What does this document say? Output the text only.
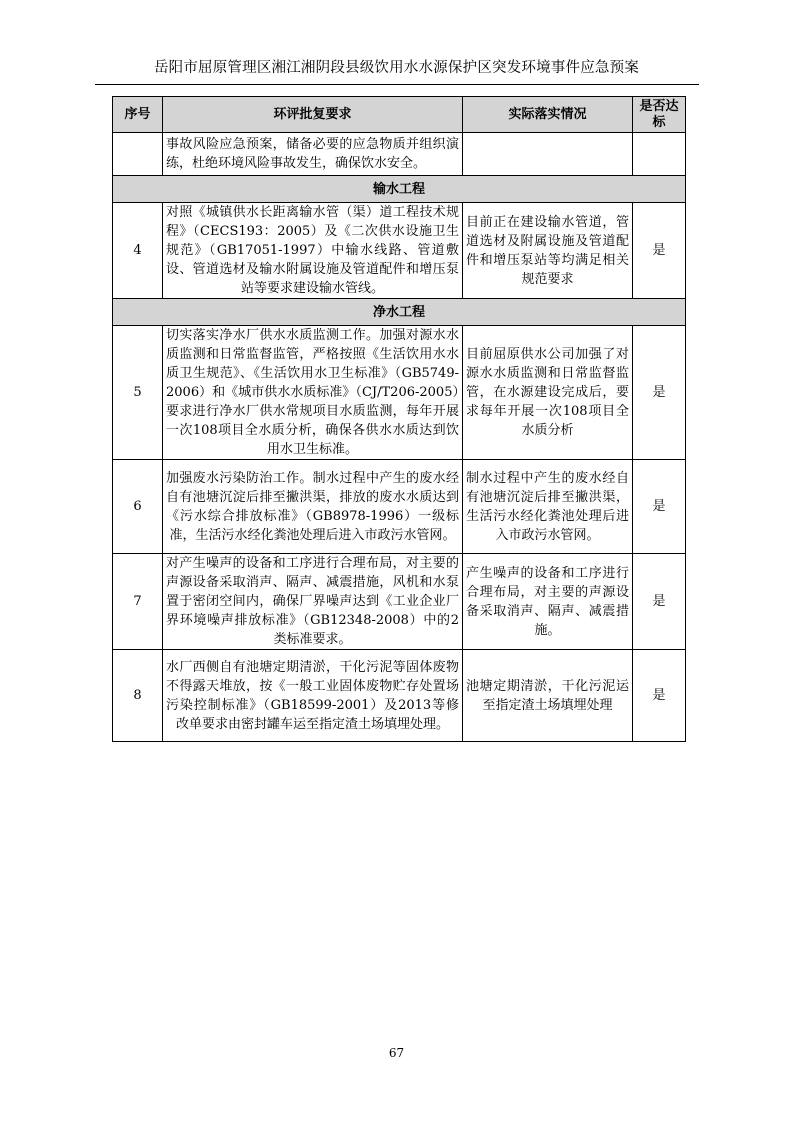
岳阳市屈原管理区湘江湘阴段县级饮用水水源保护区突发环境事件应急预案
序号	环评批复要求	实际落实情况	是否达标
	事故风险应急预案，储备必要的应急物质并组织演练，杜绝环境风险事故发生，确保饮水安全。		
输水工程			
4	对照《城镇供水长距离输水管（渠）道工程技术规程》（CECS193：2005）及《二次供水设施卫生规范》（GB17051-1997）中输水线路、管道敷设、管道选材及输水附属设施及管道配件和增压泵站等要求建设输水管线。	目前正在建设输水管道，管道选材及附属设施及管道配件和增压泵站等均满足相关规范要求	是
净水工程			
5	切实落实净水厂供水水质监测工作。加强对源水水质监测和日常监督监管，严格按照《生活饮用水水质卫生规范》、《生活饮用水卫生标准》（GB5749-2006）和《城市供水水质标准》（CJ/T206-2005）要求进行净水厂供水常规项目水质监测，每年开展一次108项目全水质分析，确保各供水水质达到饮用水卫生标准。	目前屈原供水公司加强了对源水水质监测和日常监督监管，在水源建设完成后，要求每年开展一次108项目全水质分析	是
6	加强废水污染防治工作。制水过程中产生的废水经自有池塘沉淀后排至撇洪渠，排放的废水水质达到《污水综合排放标准》（GB8978-1996）一级标准，生活污水经化粪池处理后进入市政污水管网。	制水过程中产生的废水经自有池塘沉淀后排至撇洪渠，生活污水经化粪池处理后进入市政污水管网。	是
7	对产生噪声的设备和工序进行合理布局，对主要的声源设备采取消声、隔声、减震措施，风机和水泵置于密闭空间内，确保厂界噪声达到《工业企业厂界环境噪声排放标准》（GB12348-2008）中的2类标准要求。	产生噪声的设备和工序进行合理布局，对主要的声源设备采取消声、隔声、减震措施。	是
8	水厂西侧自有池塘定期清淤，干化污泥等固体废物不得露天堆放，按《一般工业固体废物贮存处置场污染控制标准》（GB18599-2001）及2013等修改单要求由密封罐车运至指定渣土场填埋处理。	池塘定期清淤，干化污泥运至指定渣土场填埋处理	是
67
